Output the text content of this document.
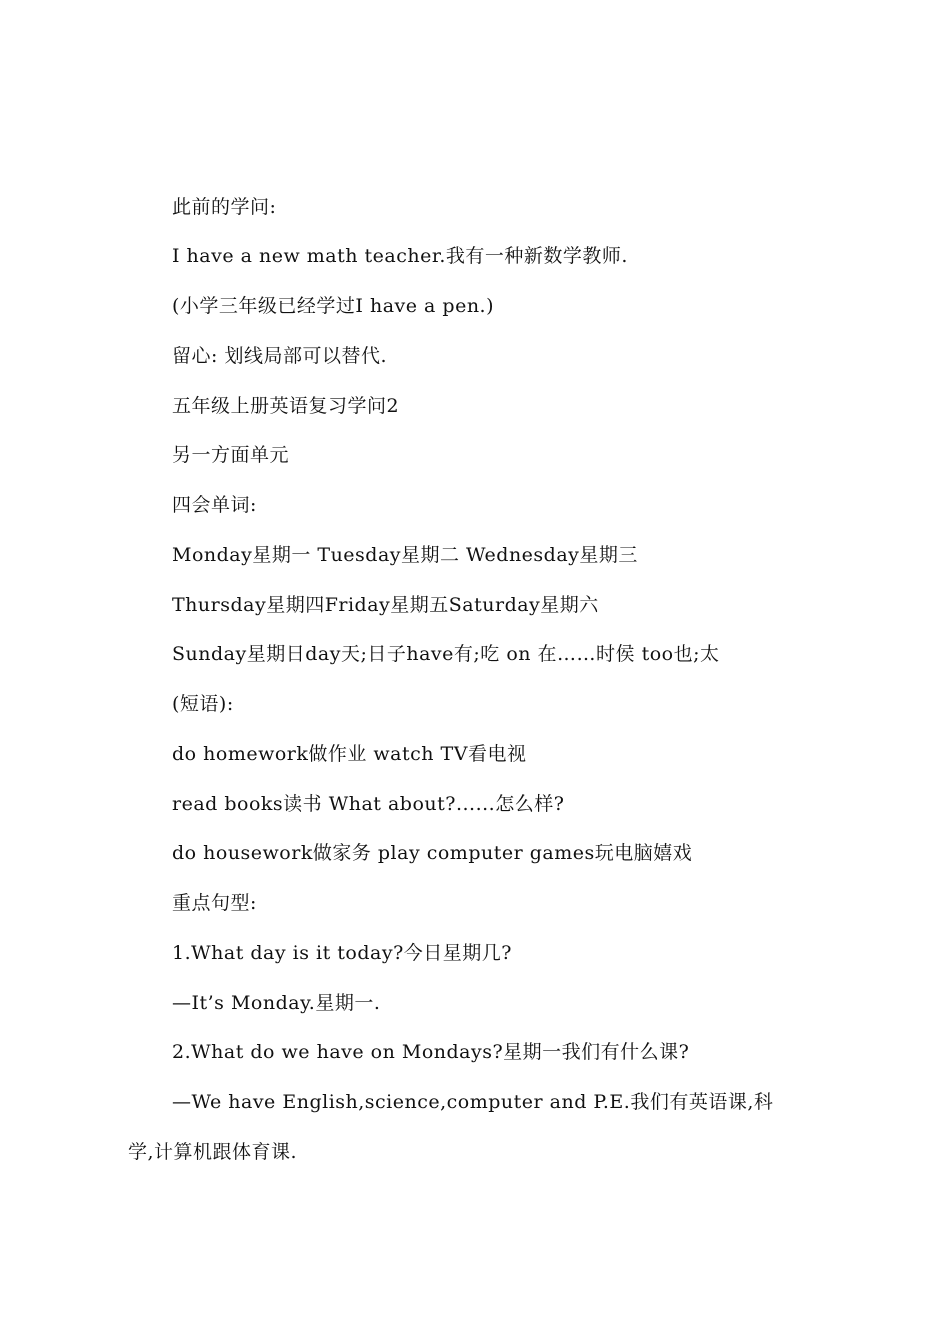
此前的学问:
I have a new math teacher.我有一种新数学教师.
(小学三年级已经学过I have a pen.)
留心: 划线局部可以替代.
五年级上册英语复习学问2
另一方面单元
四会单词:
Monday星期一 Tuesday星期二 Wednesday星期三
Thursday星期四Friday星期五Saturday星期六
Sunday星期日day天;日子have有;吃 on 在……时侯 too也;太
(短语):
do homework做作业 watch TV看电视
read books读书 What about?......怎么样?
do housework做家务 play computer games玩电脑嬉戏
重点句型:
1.What day is it today?今日星期几?
—It’s Monday.星期一.
2.What do we have on Mondays?星期一我们有什么课?
—We have English,science,computer and P.E.我们有英语课,科
学,计算机跟体育课.
